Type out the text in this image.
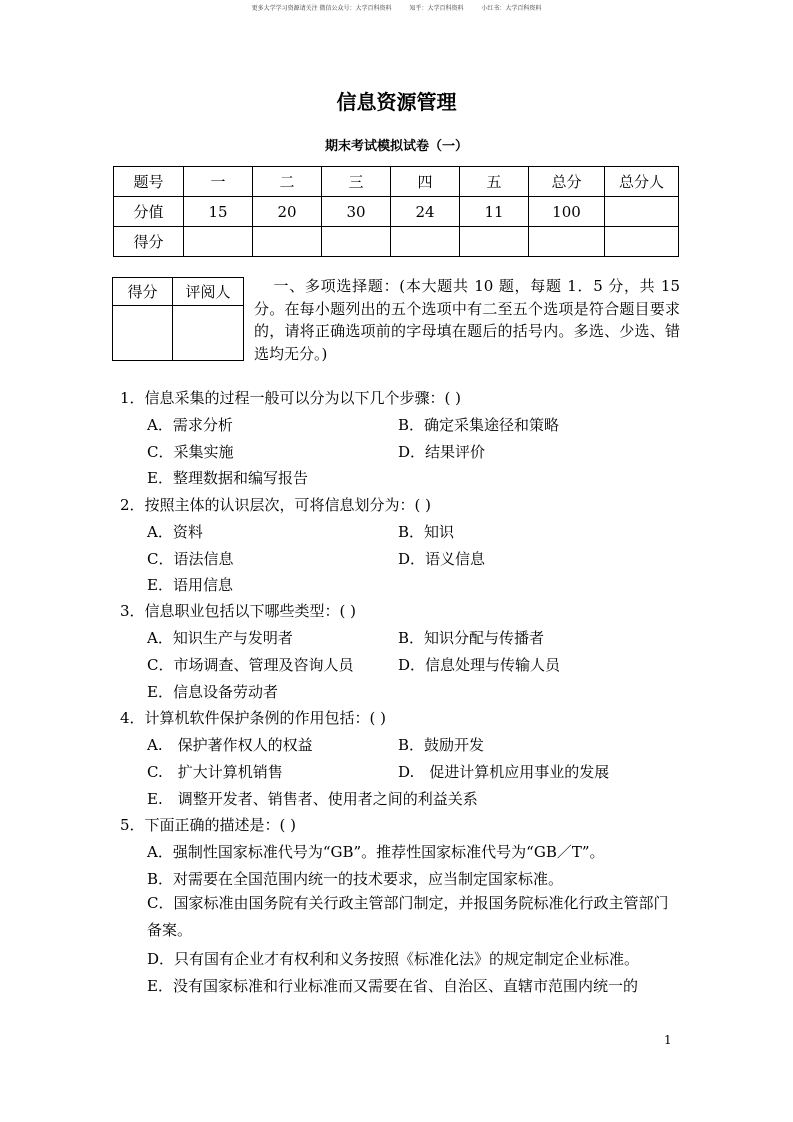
更多大学学习资源请关注 微信公众号：大学百科资料	知乎：大学百科资料	小红书：大学百科资料
信息资源管理
期末考试模拟试卷（一）
题号	一	二	三	四	五	总分	总分人
分值	15	20	30	24	11	100	
得分							
得分	评阅人
		一、多项选择题：(本大题共 10 题，每题 1．5 分，共 15 分。在每小题列出的五个选项中有二至五个选项是符合题目要求的，请将正确选项前的字母填在题后的括号内。多选、少选、错选均无分。)
1．信息采集的过程一般可以分为以下几个步骤：( )
A．需求分析	B．确定采集途径和策略
C．采集实施	D．结果评价
E．整理数据和编写报告
2．按照主体的认识层次，可将信息划分为：( )
A．资料	B．知识
C．语法信息	D．语义信息
E．语用信息
3．信息职业包括以下哪些类型：( )
A．知识生产与发明者	B．知识分配与传播者
C．市场调查、管理及咨询人员	D．信息处理与传输人员
E．信息设备劳动者
4．计算机软件保护条例的作用包括：( )
A.　保护著作权人的权益	B．鼓励开发
C.　扩大计算机销售	D.　促进计算机应用事业的发展
E.　调整开发者、销售者、使用者之间的利益关系
5．下面正确的描述是：( )
A．强制性国家标准代号为“GB”。推荐性国家标准代号为“GB／T”。
B．对需要在全国范围内统一的技术要求，应当制定国家标准。
C．国家标准由国务院有关行政主管部门制定，并报国务院标准化行政主管部门备案。
D．只有国有企业才有权利和义务按照《标准化法》的规定制定企业标准。
E．没有国家标准和行业标准而又需要在省、自治区、直辖市范围内统一的
1
